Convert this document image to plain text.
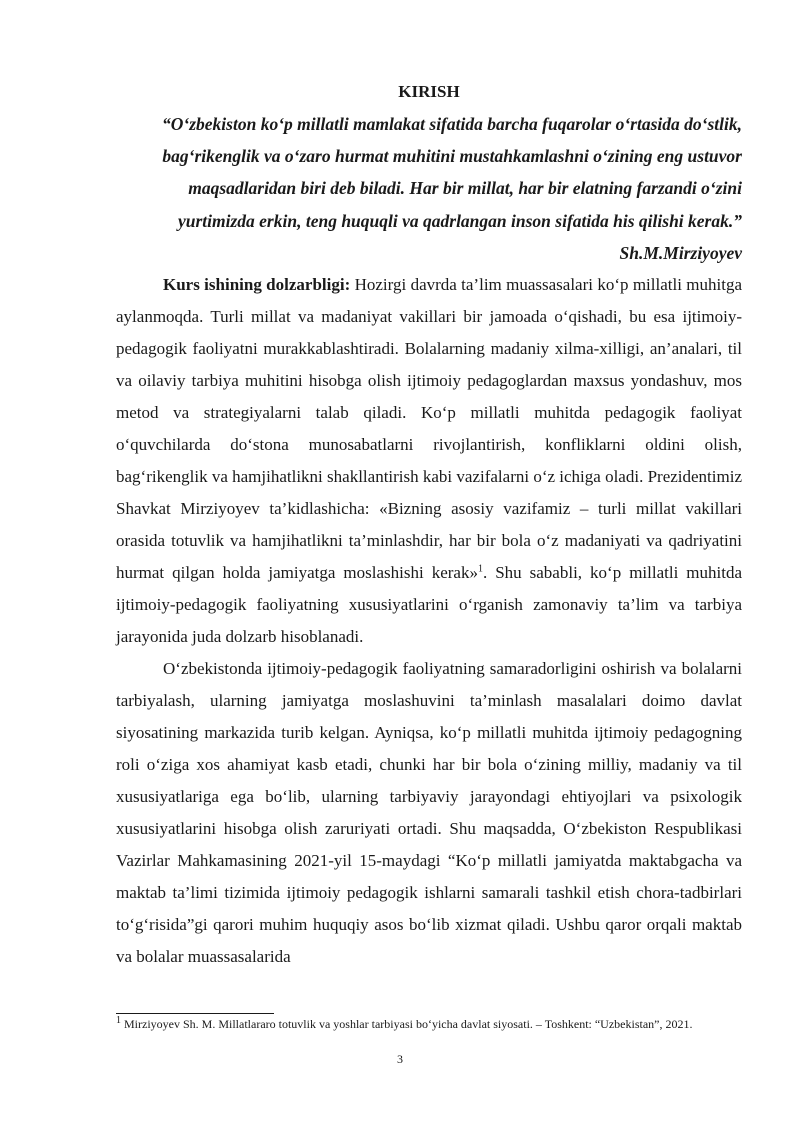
KIRISH

“O‘zbekiston ko‘p millatli mamlakat sifatida barcha fuqarolar o‘rtasida do‘stlik, bag‘rikenglik va o‘zaro hurmat muhitini mustahkamlashni o‘zining eng ustuvor maqsadlaridan biri deb biladi. Har bir millat, har bir elatning farzandi o‘zini yurtimizda erkin, teng huquqli va qadrlangan inson sifatida his qilishi kerak.”

Sh.M.Mirziyoyev

Kurs ishining dolzarbligi: Hozirgi davrda ta’lim muassasalari ko‘p millatli muhitga aylanmoqda. Turli millat va madaniyat vakillari bir jamoada o‘qishadi, bu esa ijtimoiy-pedagogik faoliyatni murakkablashtiradi. Bolalarning madaniy xilma-xilligi, an’analari, til va oilaviy tarbiya muhitini hisobga olish ijtimoiy pedagoglardan maxsus yondashuv, mos metod va strategiyalarni talab qiladi. Ko‘p millatli muhitda pedagogik faoliyat o‘quvchilarda do‘stona munosabatlarni rivojlantirish, konfliklarni oldini olish, bag‘rikenglik va hamjihatlikni shakllantirish kabi vazifalarni o‘z ichiga oladi. Prezidentimiz Shavkat Mirziyoyev ta’kidlashicha: «Bizning asosiy vazifamiz – turli millat vakillari orasida totuvlik va hamjihatlikni ta’minlashdir, har bir bola o‘z madaniyati va qadriyatini hurmat qilgan holda jamiyatga moslashishi kerak»$^1$. Shu sababli, ko‘p millatli muhitda ijtimoiy-pedagogik faoliyatning xususiyatlarini o‘rganish zamonaviy ta’lim va tarbiya jarayonida juda dolzarb hisoblanadi.

O‘zbekistonda ijtimoiy-pedagogik faoliyatning samaradorligini oshirish va bolalarni tarbiyalash, ularning jamiyatga moslashuvini ta’minlash masalalari doimo davlat siyosatining markazida turib kelgan. Ayniqsa, ko‘p millatli muhitda ijtimoiy pedagogning roli o‘ziga xos ahamiyat kasb etadi, chunki har bir bola o‘zining milliy, madaniy va til xususiyatlariga ega bo‘lib, ularning tarbiyaviy jarayondagi ehtiyojlari va psixologik xususiyatlarini hisobga olish zaruriyati ortadi. Shu maqsadda, O‘zbekiston Respublikasi Vazirlar Mahkamasining 2021-yil 15-maydagi “Ko‘p millatli jamiyatda maktabgacha va maktab ta’limi tizimida ijtimoiy pedagogik ishlarni samarali tashkil etish chora-tadbirlari to‘g‘risida”gi qarori muhim huquqiy asos bo‘lib xizmat qiladi. Ushbu qaror orqali maktab va bolalar muassasalarida

$^1$ Mirziyoyev Sh. M. Millatlararo totuvlik va yoshlar tarbiyasi bo‘yicha davlat siyosati. – Toshkent: “Uzbekistan”, 2021.

3
